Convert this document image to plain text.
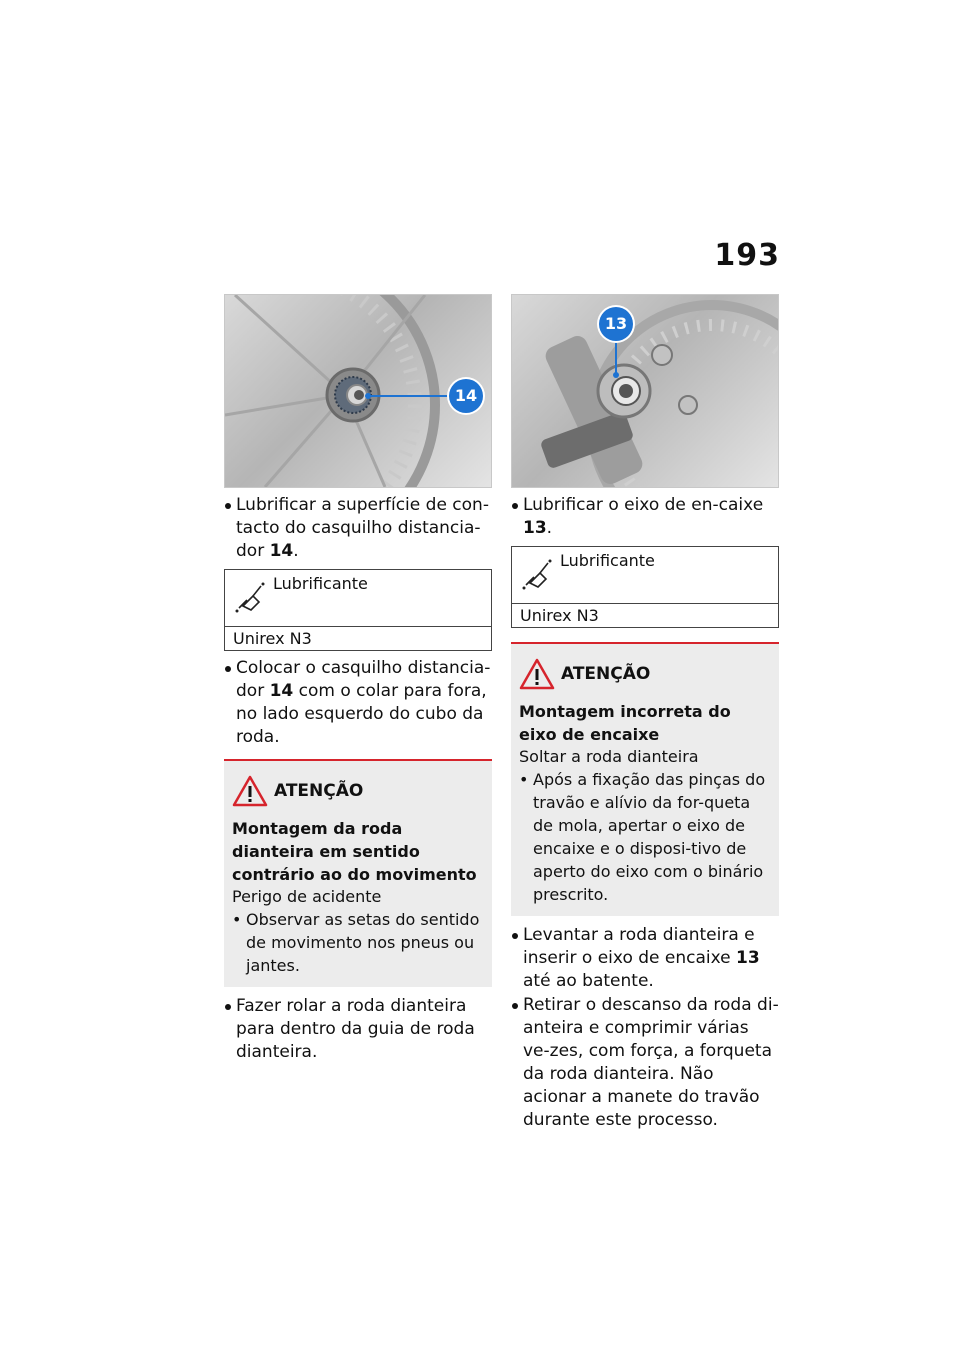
193
14
Lubrificar a superfície de con-tacto do casquilho distancia-dor 14.
Lubrificante
Unirex N3
Colocar o casquilho distancia-dor 14 com o colar para fora, no lado esquerdo do cubo da roda.
ATENÇÃO
Montagem da roda dianteira em sentido contrário ao do movimento
Perigo de acidente
• Observar as setas do sentido de movimento nos pneus ou jantes.
Fazer rolar a roda dianteira para dentro da guia de roda dianteira.
13
Lubrificar o eixo de en-caixe 13.
Lubrificante
Unirex N3
ATENÇÃO
Montagem incorreta do eixo de encaixe
Soltar a roda dianteira
• Após a fixação das pinças do travão e alívio da for-queta de mola, apertar o eixo de encaixe e o disposi-tivo de aperto do eixo com o binário prescrito.
Levantar a roda dianteira e inserir o eixo de encaixe 13 até ao batente.
Retirar o descanso da roda di-anteira e comprimir várias ve-zes, com força, a forqueta da roda dianteira. Não acionar a manete do travão durante este processo.
